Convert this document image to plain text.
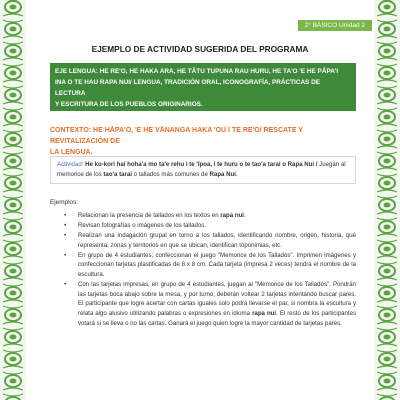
2° BÁSICO Unidad 2
EJEMPLO DE ACTIVIDAD SUGERIDA DEL PROGRAMA
EJE LENGUA: HE RE'O, HE HAKA ARA, HE TĀTU TUPUNA RAU HURU, HE TA'O 'E HE PĀPA'I
INA O TE HAU RAPA NUI/ LENGUA, TRADICIÓN ORAL, ICONOGRAFÍA, PRÁCTICAS DE LECTURA
Y ESCRITURA DE LOS PUEBLOS ORIGINARIOS.
CONTEXTO: HE HĀPA'O, 'E HE VĀNANGA HAKA 'OU I TE RE'O/ RESCATE Y REVITALIZACIÓN DE
LA LENGUA.
Actividad: He ko-kori hai hoha'a mo ta'e rehu i te 'ïpoa, i te huru o te tao'a tarai o Rapa Nui / Juegan al memorice de los tao'a tarai o tallados más comunes de Rapa Nui.
Ejemplos:
• Relacionan la presencia de tallados en los textos en rapa nui.
• Revisan fotografías o imágenes de los tallados.
• Realizan una indagación grupal en torno a los tallados, identificando nombre, origen, historia, qué representa, zonas y territorios en que se ubican, identifican toponimias, etc.
• En grupo de 4 estudiantes; confeccionan el juego "Memorice de los Tallados". Imprimen imágenes y confeccionan tarjetas plastificadas de 8 x 8 cm. Cada tarjeta (impresa 2 veces) tendrá el nombre de la escultura.
• Con las tarjetas impresas, en grupo de 4 estudiantes, juegan al "Memorice de los Tallados". Pondrán las tarjetas boca abajo sobre la mesa, y por turno, deberán voltear 2 tarjetas intentando buscar pares. El participante que logre acertar con cartas iguales solo podrá llevarse el par, si nombra la escultura y relata algo alusivo utilizando palabras o expresiones en idioma rapa nui. El resto de los participantes votará si se lleva o no las cartas. Ganará el juego quien logre la mayor cantidad de tarjetas pares.
